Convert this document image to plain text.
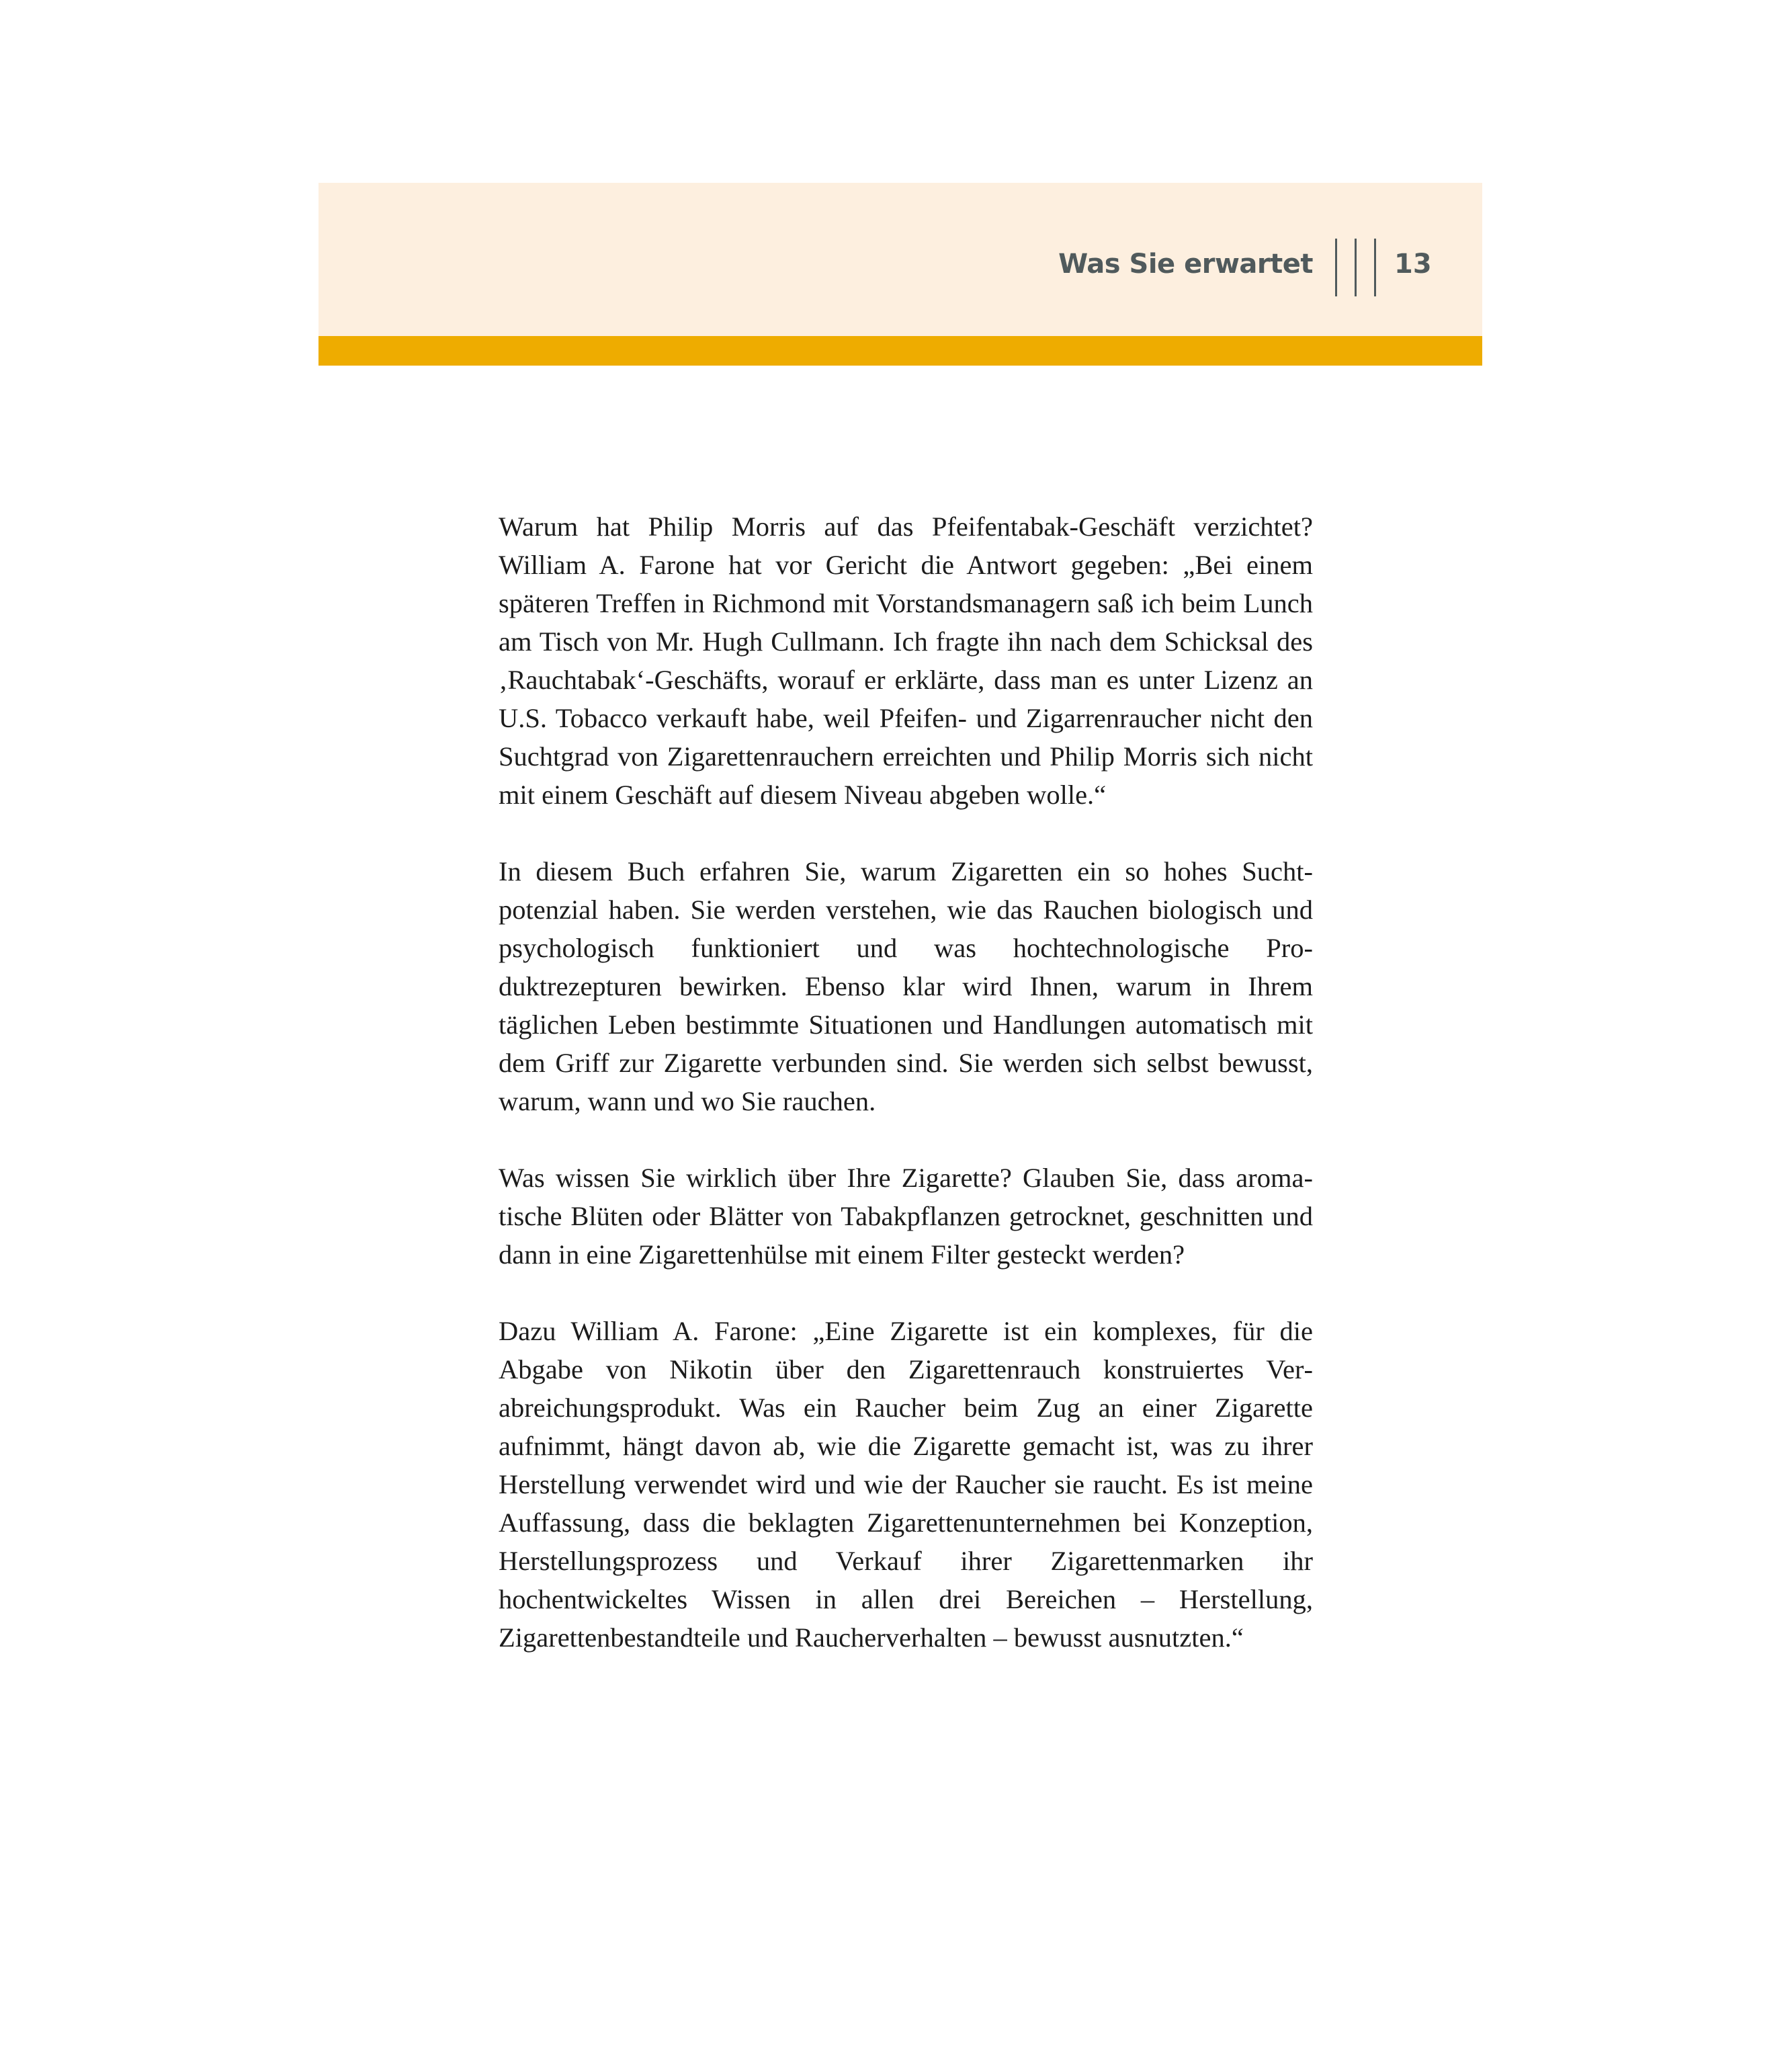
Was Sie erwartet	13

Warum hat Philip Morris auf das Pfeifentabak-Geschäft verzichtet? William A. Farone hat vor Gericht die Antwort gegeben: „Bei einem späteren Treffen in Richmond mit Vorstandsmanagern saß ich beim Lunch am Tisch von Mr. Hugh Cullmann. Ich fragte ihn nach dem Schicksal des ‚Rauchtabak‘-Geschäfts, worauf er erklärte, dass man es unter Lizenz an U.S. Tobacco verkauft habe, weil Pfeifen- und Zigarrenraucher nicht den Suchtgrad von Zigarettenrauchern erreichten und Philip Morris sich nicht mit einem Geschäft auf diesem Niveau abgeben wolle.“

In diesem Buch erfahren Sie, warum Zigaretten ein so hohes Suchtpotenzial haben. Sie werden verstehen, wie das Rauchen biologisch und psychologisch funktioniert und was hochtechnologische Produktrezepturen bewirken. Ebenso klar wird Ihnen, warum in Ihrem täglichen Leben bestimmte Situationen und Handlungen automatisch mit dem Griff zur Zigarette verbunden sind. Sie werden sich selbst bewusst, warum, wann und wo Sie rauchen.

Was wissen Sie wirklich über Ihre Zigarette? Glauben Sie, dass aromatische Blüten oder Blätter von Tabakpflanzen getrocknet, geschnitten und dann in eine Zigarettenhülse mit einem Filter gesteckt werden?

Dazu William A. Farone: „Eine Zigarette ist ein komplexes, für die Abgabe von Nikotin über den Zigarettenrauch konstruiertes Verabreichungsprodukt. Was ein Raucher beim Zug an einer Zigarette aufnimmt, hängt davon ab, wie die Zigarette gemacht ist, was zu ihrer Herstellung verwendet wird und wie der Raucher sie raucht. Es ist meine Auffassung, dass die beklagten Zigarettenunternehmen bei Konzeption, Herstellungsprozess und Verkauf ihrer Zigarettenmarken ihr hochentwickeltes Wissen in allen drei Bereichen – Herstellung, Zigarettenbestandteile und Raucherverhalten – bewusst ausnutzten.“
